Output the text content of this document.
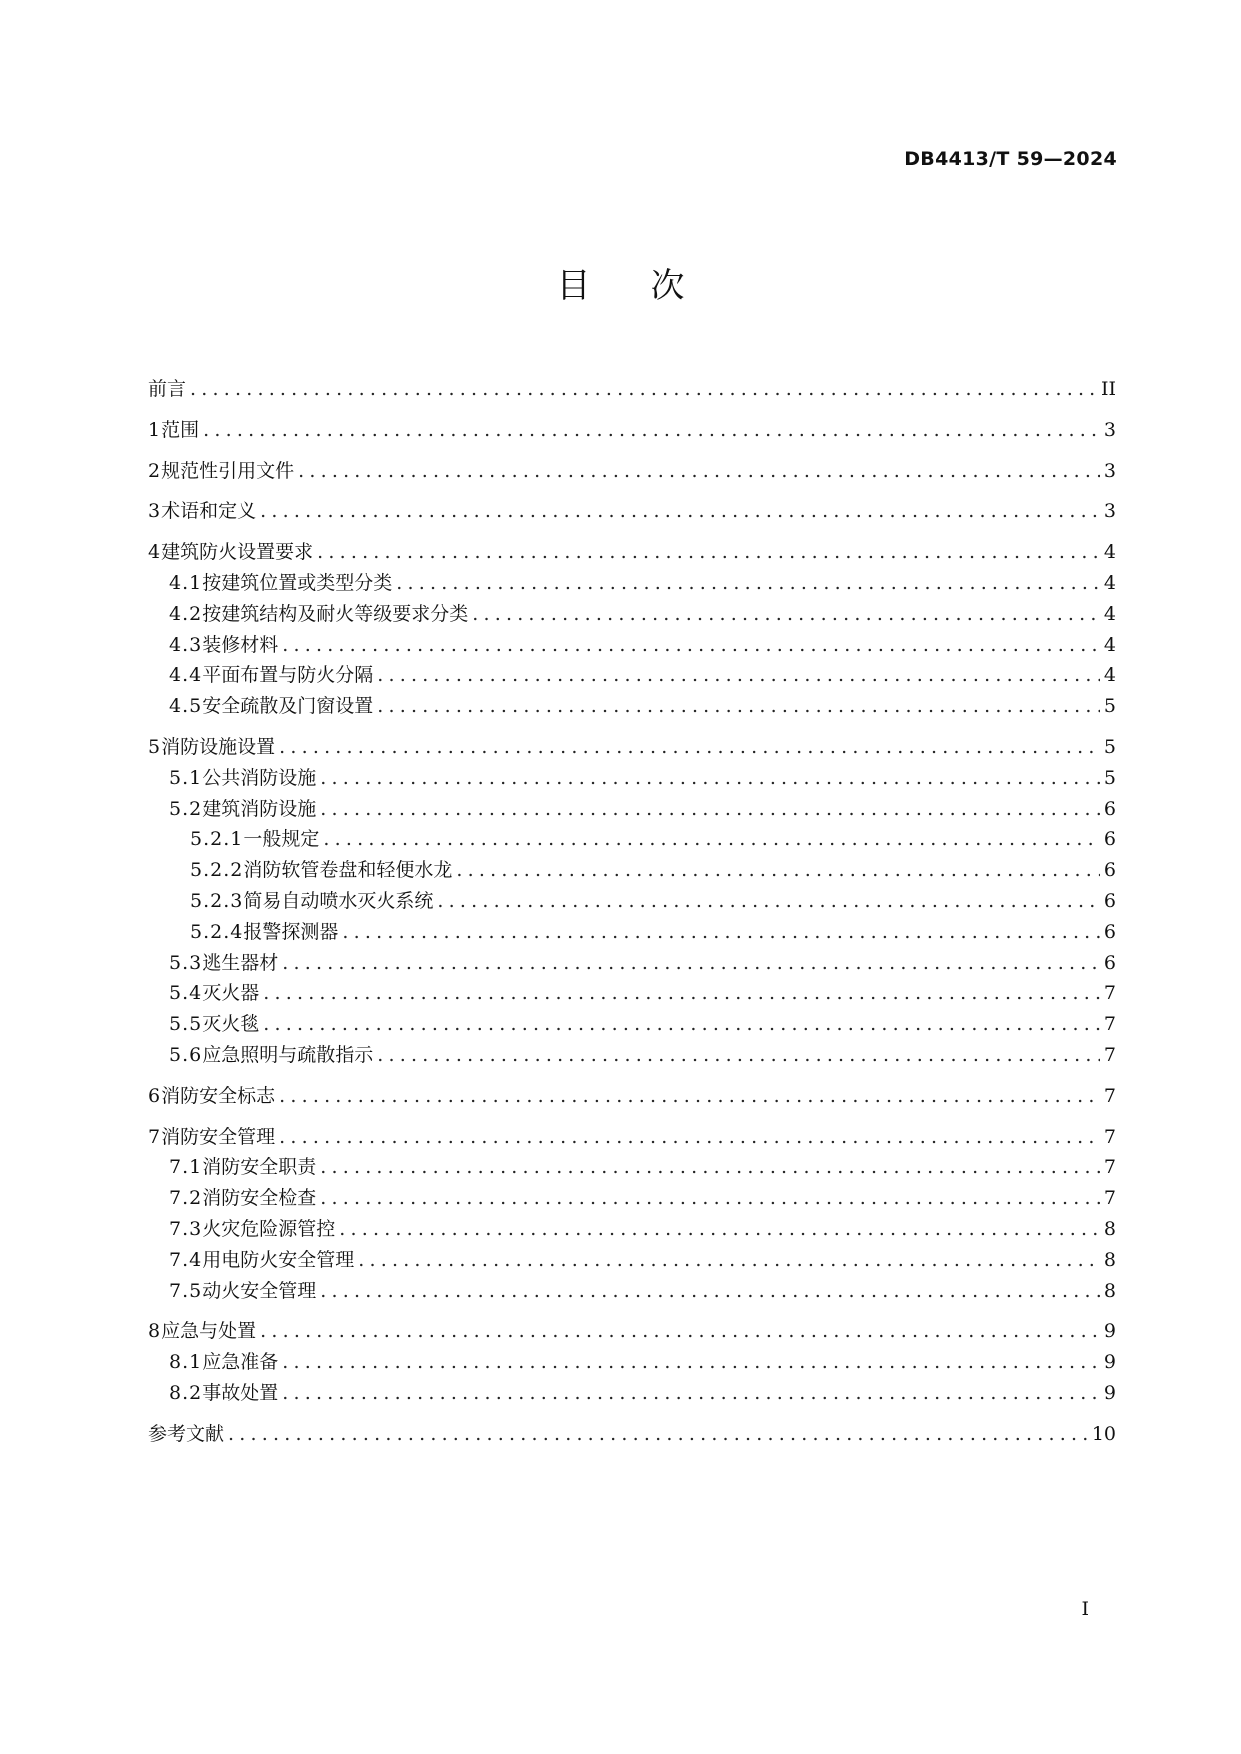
DB4413/T 59—2024
目次
前言 .....	II
1 范围 .....	3
2 规范性引用文件 .....	3
3 术语和定义 .....	3
4 建筑防火设置要求 .....	4
4.1 按建筑位置或类型分类 .....	4
4.2 按建筑结构及耐火等级要求分类 .....	4
4.3 装修材料 .....	4
4.4 平面布置与防火分隔 .....	4
4.5 安全疏散及门窗设置 .....	5
5 消防设施设置 .....	5
5.1 公共消防设施 .....	5
5.2 建筑消防设施 .....	6
5.2.1 一般规定 .....	6
5.2.2 消防软管卷盘和轻便水龙 .....	6
5.2.3 简易自动喷水灭火系统 .....	6
5.2.4 报警探测器 .....	6
5.3 逃生器材 .....	6
5.4 灭火器 .....	7
5.5 灭火毯 .....	7
5.6 应急照明与疏散指示 .....	7
6 消防安全标志 .....	7
7 消防安全管理 .....	7
7.1 消防安全职责 .....	7
7.2 消防安全检查 .....	7
7.3 火灾危险源管控 .....	8
7.4 用电防火安全管理 .....	8
7.5 动火安全管理 .....	8
8 应急与处置 .....	9
8.1 应急准备 .....	9
8.2 事故处置 .....	9
参考文献 .....	10
I
